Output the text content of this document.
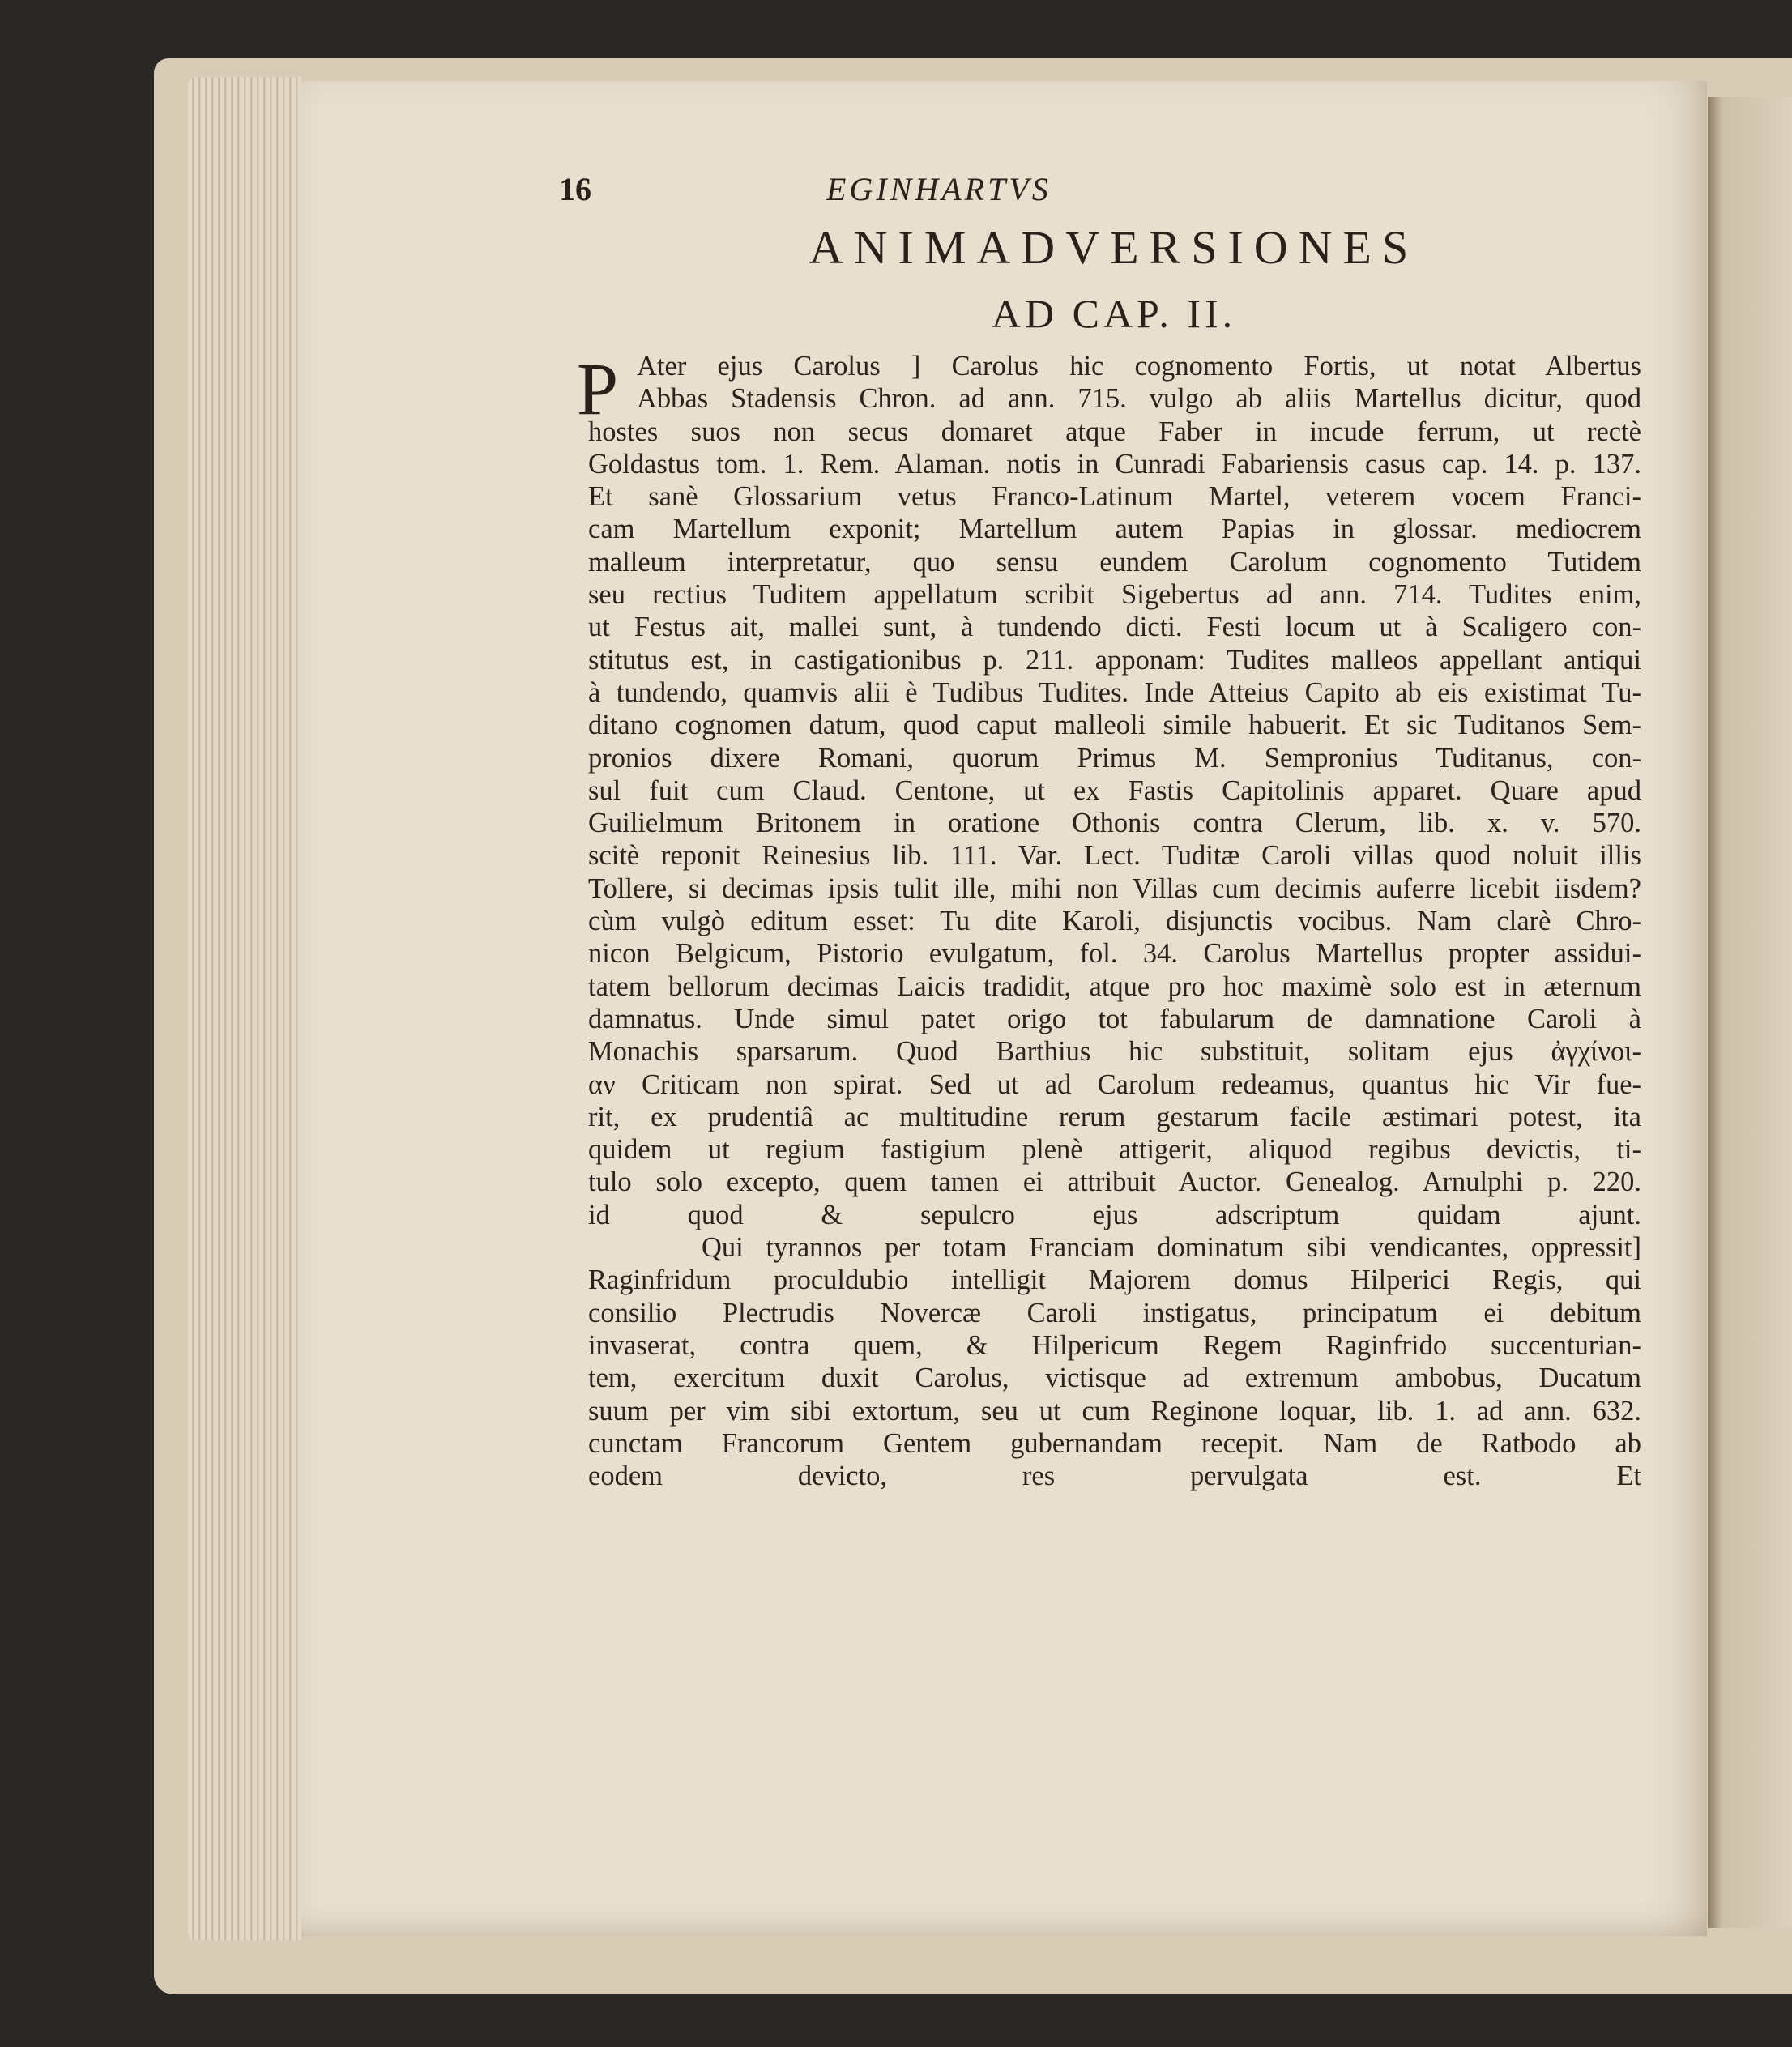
16	EGINHARTVS
ANIMADVERSIONES
AD CAP. II.
P Ater ejus Carolus ] Carolus hic cognomento Fortis, ut notat Albertus
Abbas Stadensis Chron. ad ann. 715. vulgo ab aliis Martellus dicitur, quod
hostes suos non secus domaret atque Faber in incude ferrum, ut rectè
Goldastus tom. 1. Rem. Alaman. notis in Cunradi Fabariensis casus cap. 14. p. 137.
Et sanè Glossarium vetus Franco-Latinum Martel, veterem vocem Franci-
cam Martellum exponit; Martellum autem Papias in glossar. mediocrem
malleum interpretatur, quo sensu eundem Carolum cognomento Tutidem
seu rectius Tuditem appellatum scribit Sigebertus ad ann. 714. Tudites enim,
ut Festus ait, mallei sunt, à tundendo dicti. Festi locum ut à Scaligero con-
stitutus est, in castigationibus p. 211. apponam: Tudites malleos appellant antiqui
à tundendo, quamvis alii è Tudibus Tudites. Inde Atteius Capito ab eis existimat Tu-
ditano cognomen datum, quod caput malleoli simile habuerit. Et sic Tuditanos Sem-
pronios dixere Romani, quorum Primus M. Sempronius Tuditanus, con-
sul fuit cum Claud. Centone, ut ex Fastis Capitolinis apparet. Quare apud
Guilielmum Britonem in oratione Othonis contra Clerum, lib. x. v. 570.
scitè reponit Reinesius lib. 111. Var. Lect. Tuditæ Caroli villas quod noluit illis
Tollere, si decimas ipsis tulit ille, mihi non Villas cum decimis auferre licebit iisdem?
cùm vulgò editum esset: Tu dite Karoli, disjunctis vocibus. Nam clarè Chro-
nicon Belgicum, Pistorio evulgatum, fol. 34. Carolus Martellus propter assidui-
tatem bellorum decimas Laicis tradidit, atque pro hoc maximè solo est in æternum
damnatus. Unde simul patet origo tot fabularum de damnatione Caroli à
Monachis sparsarum. Quod Barthius hic substituit, solitam ejus ἀγχίνοι-
αν Criticam non spirat. Sed ut ad Carolum redeamus, quantus hic Vir fue-
rit, ex prudentiâ ac multitudine rerum gestarum facile æstimari potest, ita
quidem ut regium fastigium plenè attigerit, aliquod regibus devictis, ti-
tulo solo excepto, quem tamen ei attribuit Auctor. Genealog. Arnulphi p. 220.
id quod & sepulcro ejus adscriptum quidam ajunt.
Qui tyrannos per totam Franciam dominatum sibi vendicantes, oppressit]
Raginfridum proculdubio intelligit Majorem domus Hilperici Regis, qui
consilio Plectrudis Novercæ Caroli instigatus, principatum ei debitum
invaserat, contra quem, & Hilpericum Regem Raginfrido succenturian-
tem, exercitum duxit Carolus, victisque ad extremum ambobus, Ducatum
suum per vim sibi extortum, seu ut cum Reginone loquar, lib. 1. ad ann. 632.
cunctam Francorum Gentem gubernandam recepit. Nam de Ratbodo ab
eodem devicto, res pervulgata est. Et
